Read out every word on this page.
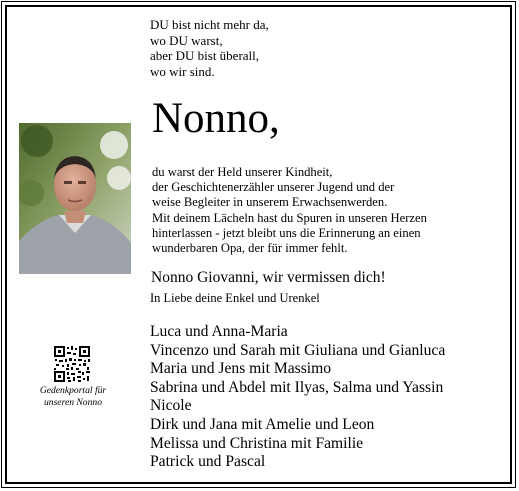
DU bist nicht mehr da,
wo DU warst,
aber DU bist überall,
wo wir sind.
Nonno,
du warst der Held unserer Kindheit,
der Geschichtenerzähler unserer Jugend und der
weise Begleiter in unserem Erwachsenwerden.
Mit deinem Lächeln hast du Spuren in unseren Herzen
hinterlassen - jetzt bleibt uns die Erinnerung an einen
wunderbaren Opa, der für immer fehlt.
Nonno Giovanni, wir vermissen dich!
In Liebe deine Enkel und Urenkel
Luca und Anna-Maria
Vincenzo und Sarah mit Giuliana und Gianluca
Maria und Jens mit Massimo
Sabrina und Abdel mit Ilyas, Salma und Yassin
Nicole
Dirk und Jana mit Amelie und Leon
Melissa und Christina mit Familie
Patrick und Pascal
Gedenkportal für
unseren Nonno
